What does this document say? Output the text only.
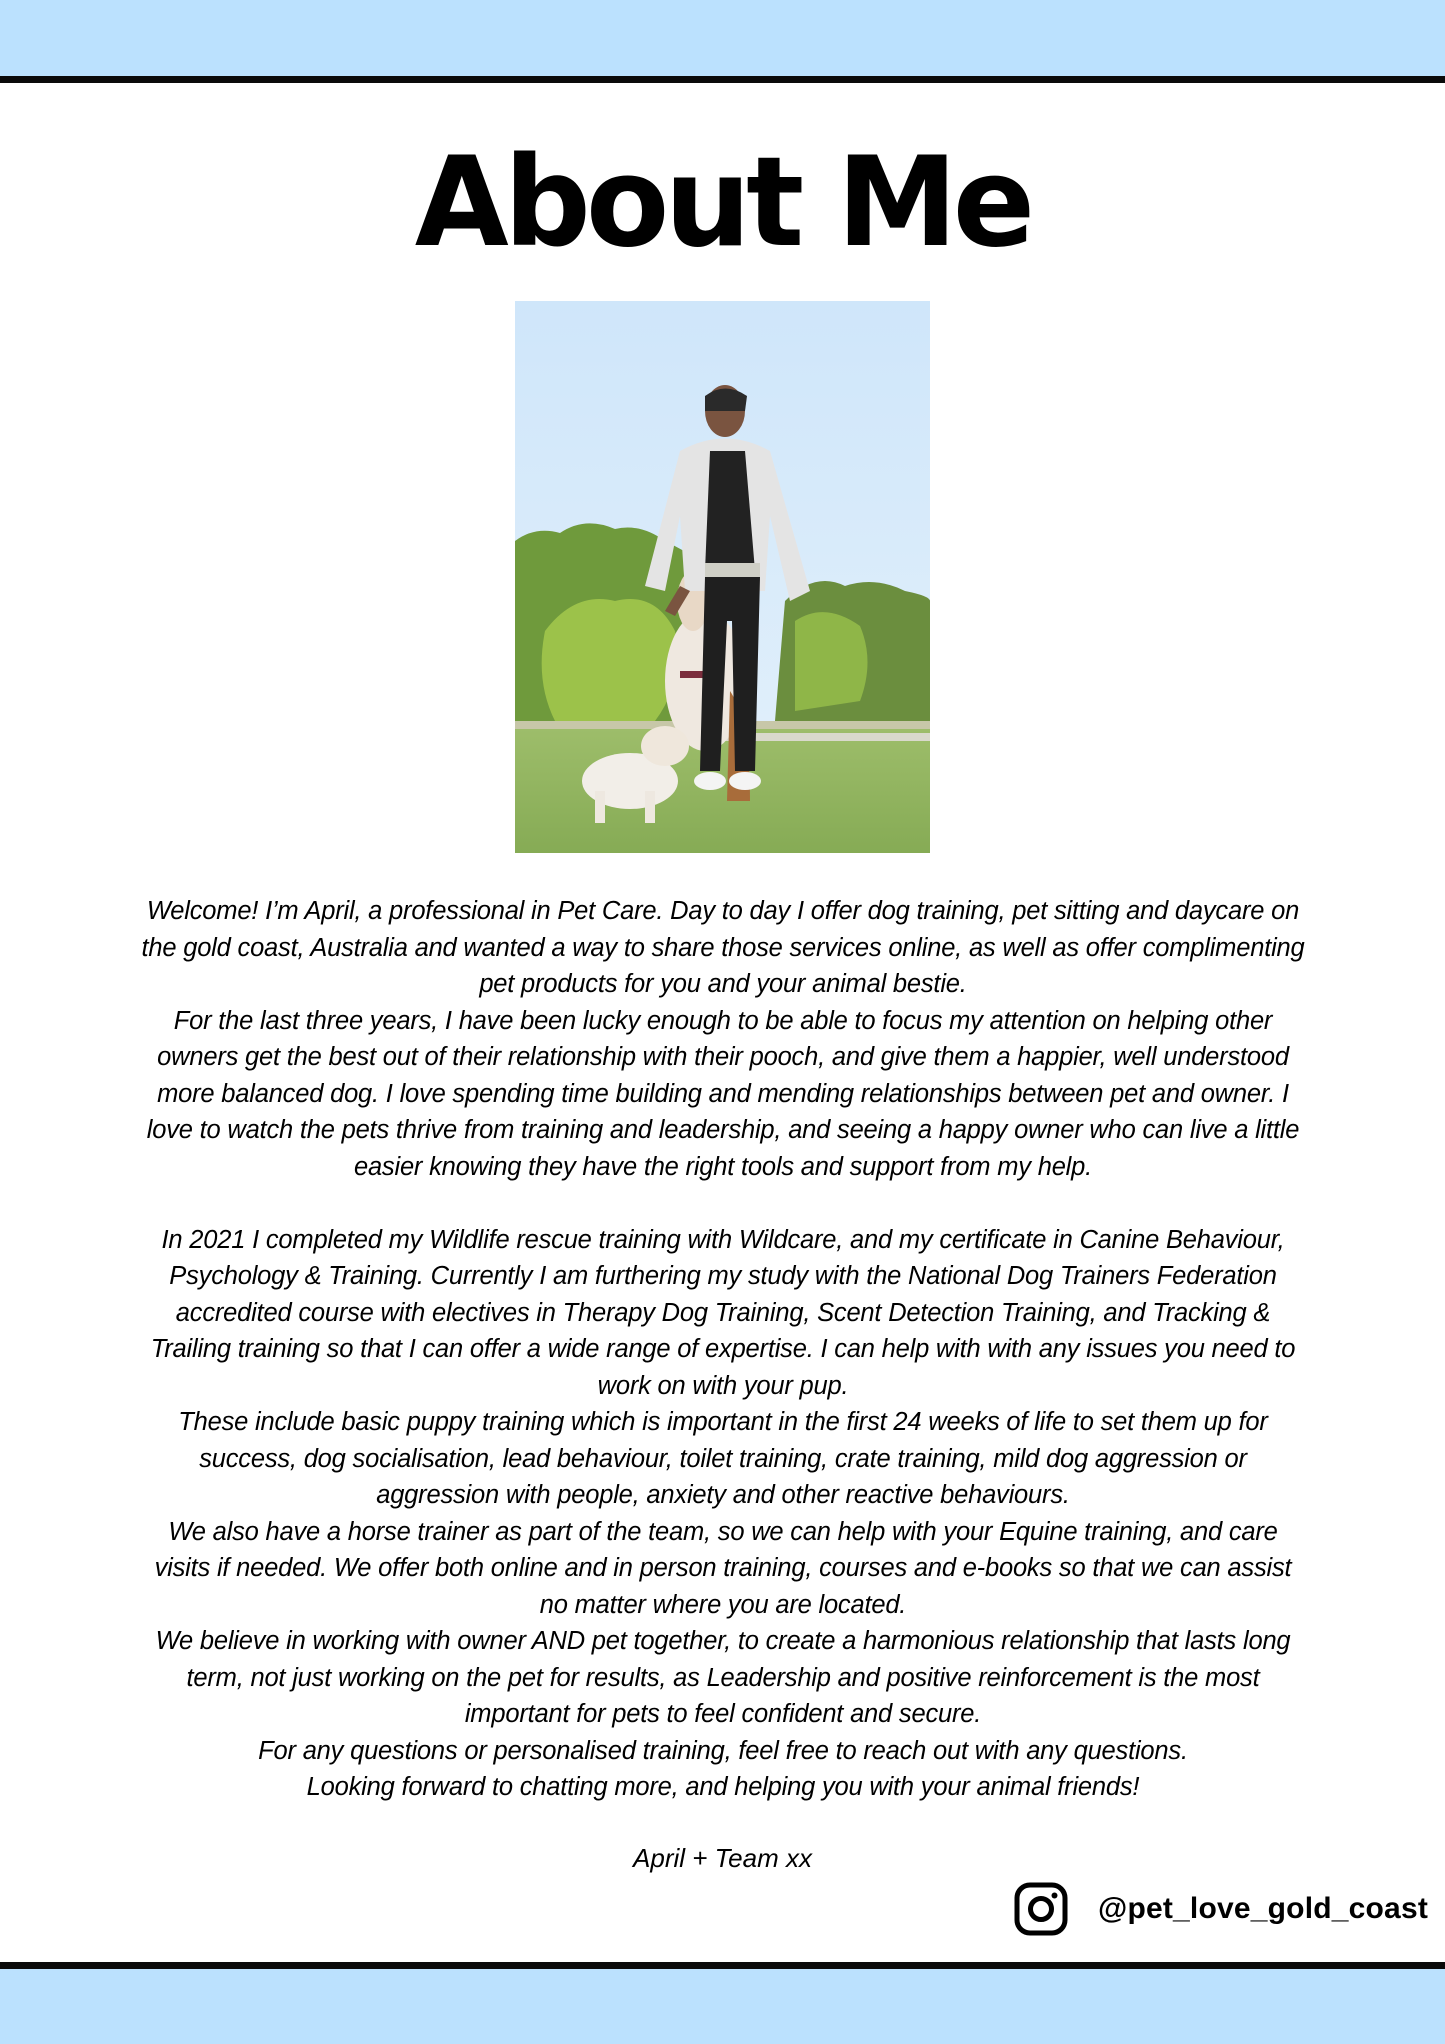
About Me

Welcome! I’m April, a professional in Pet Care. Day to day I offer dog training, pet sitting and daycare on the gold coast, Australia and wanted a way to share those services online, as well as offer complimenting pet products for you and your animal bestie.

For the last three years, I have been lucky enough to be able to focus my attention on helping other owners get the best out of their relationship with their pooch, and give them a happier, well understood more balanced dog. I love spending time building and mending relationships between pet and owner. I love to watch the pets thrive from training and leadership, and seeing a happy owner who can live a little easier knowing they have the right tools and support from my help.

In 2021 I completed my Wildlife rescue training with Wildcare, and my certificate in Canine Behaviour, Psychology & Training. Currently I am furthering my study with the National Dog Trainers Federation accredited course with electives in Therapy Dog Training, Scent Detection Training, and Tracking & Trailing training so that I can offer a wide range of expertise. I can help with with any issues you need to work on with your pup.

These include basic puppy training which is important in the first 24 weeks of life to set them up for success, dog socialisation, lead behaviour, toilet training, crate training, mild dog aggression or aggression with people, anxiety and other reactive behaviours.

We also have a horse trainer as part of the team, so we can help with your Equine training, and care visits if needed. We offer both online and in person training, courses and e-books so that we can assist no matter where you are located.

We believe in working with owner AND pet together, to create a harmonious relationship that lasts long term, not just working on the pet for results, as Leadership and positive reinforcement is the most important for pets to feel confident and secure.

For any questions or personalised training, feel free to reach out with any questions.

Looking forward to chatting more, and helping you with your animal friends!

April + Team xx
@pet_love_gold_coast
